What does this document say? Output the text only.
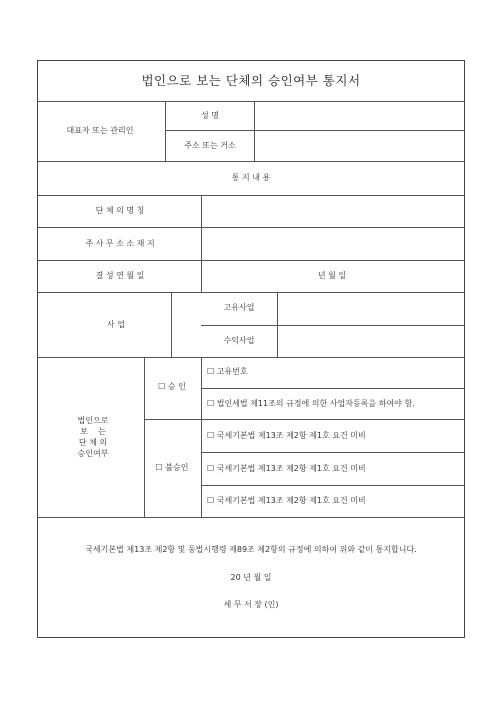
법인으로 보는 단체의 승인여부 통지서
대표자 또는 관리인
성 명
주소 또는 거소
통 지 내 용
단 체 의 명 칭
주 사 무 소 소 재 지
결 성 연 월 일	년 월 일
사 업
고유사업
수익사업
법인으로
보    는
단 체 의
승인여부
☐ 승 인
☐ 고유번호
☐ 법인세법 제11조의 규정에 의한 사업자등록을 하여야 함.
☐ 불승인
☐ 국세기본법 제13조 제2항 제1호 요건 미비
☐ 국세기본법 제13조 제2항 제1호 요건 미비
☐ 국세기본법 제13조 제2항 제1호 요건 미비
국세기본법 제13조 제2항 및 동법시행령 제89조 제2항의 규정에 의하여 위와 같이 통지합니다.
20 년 월 일
세 무 서 장 (인)
